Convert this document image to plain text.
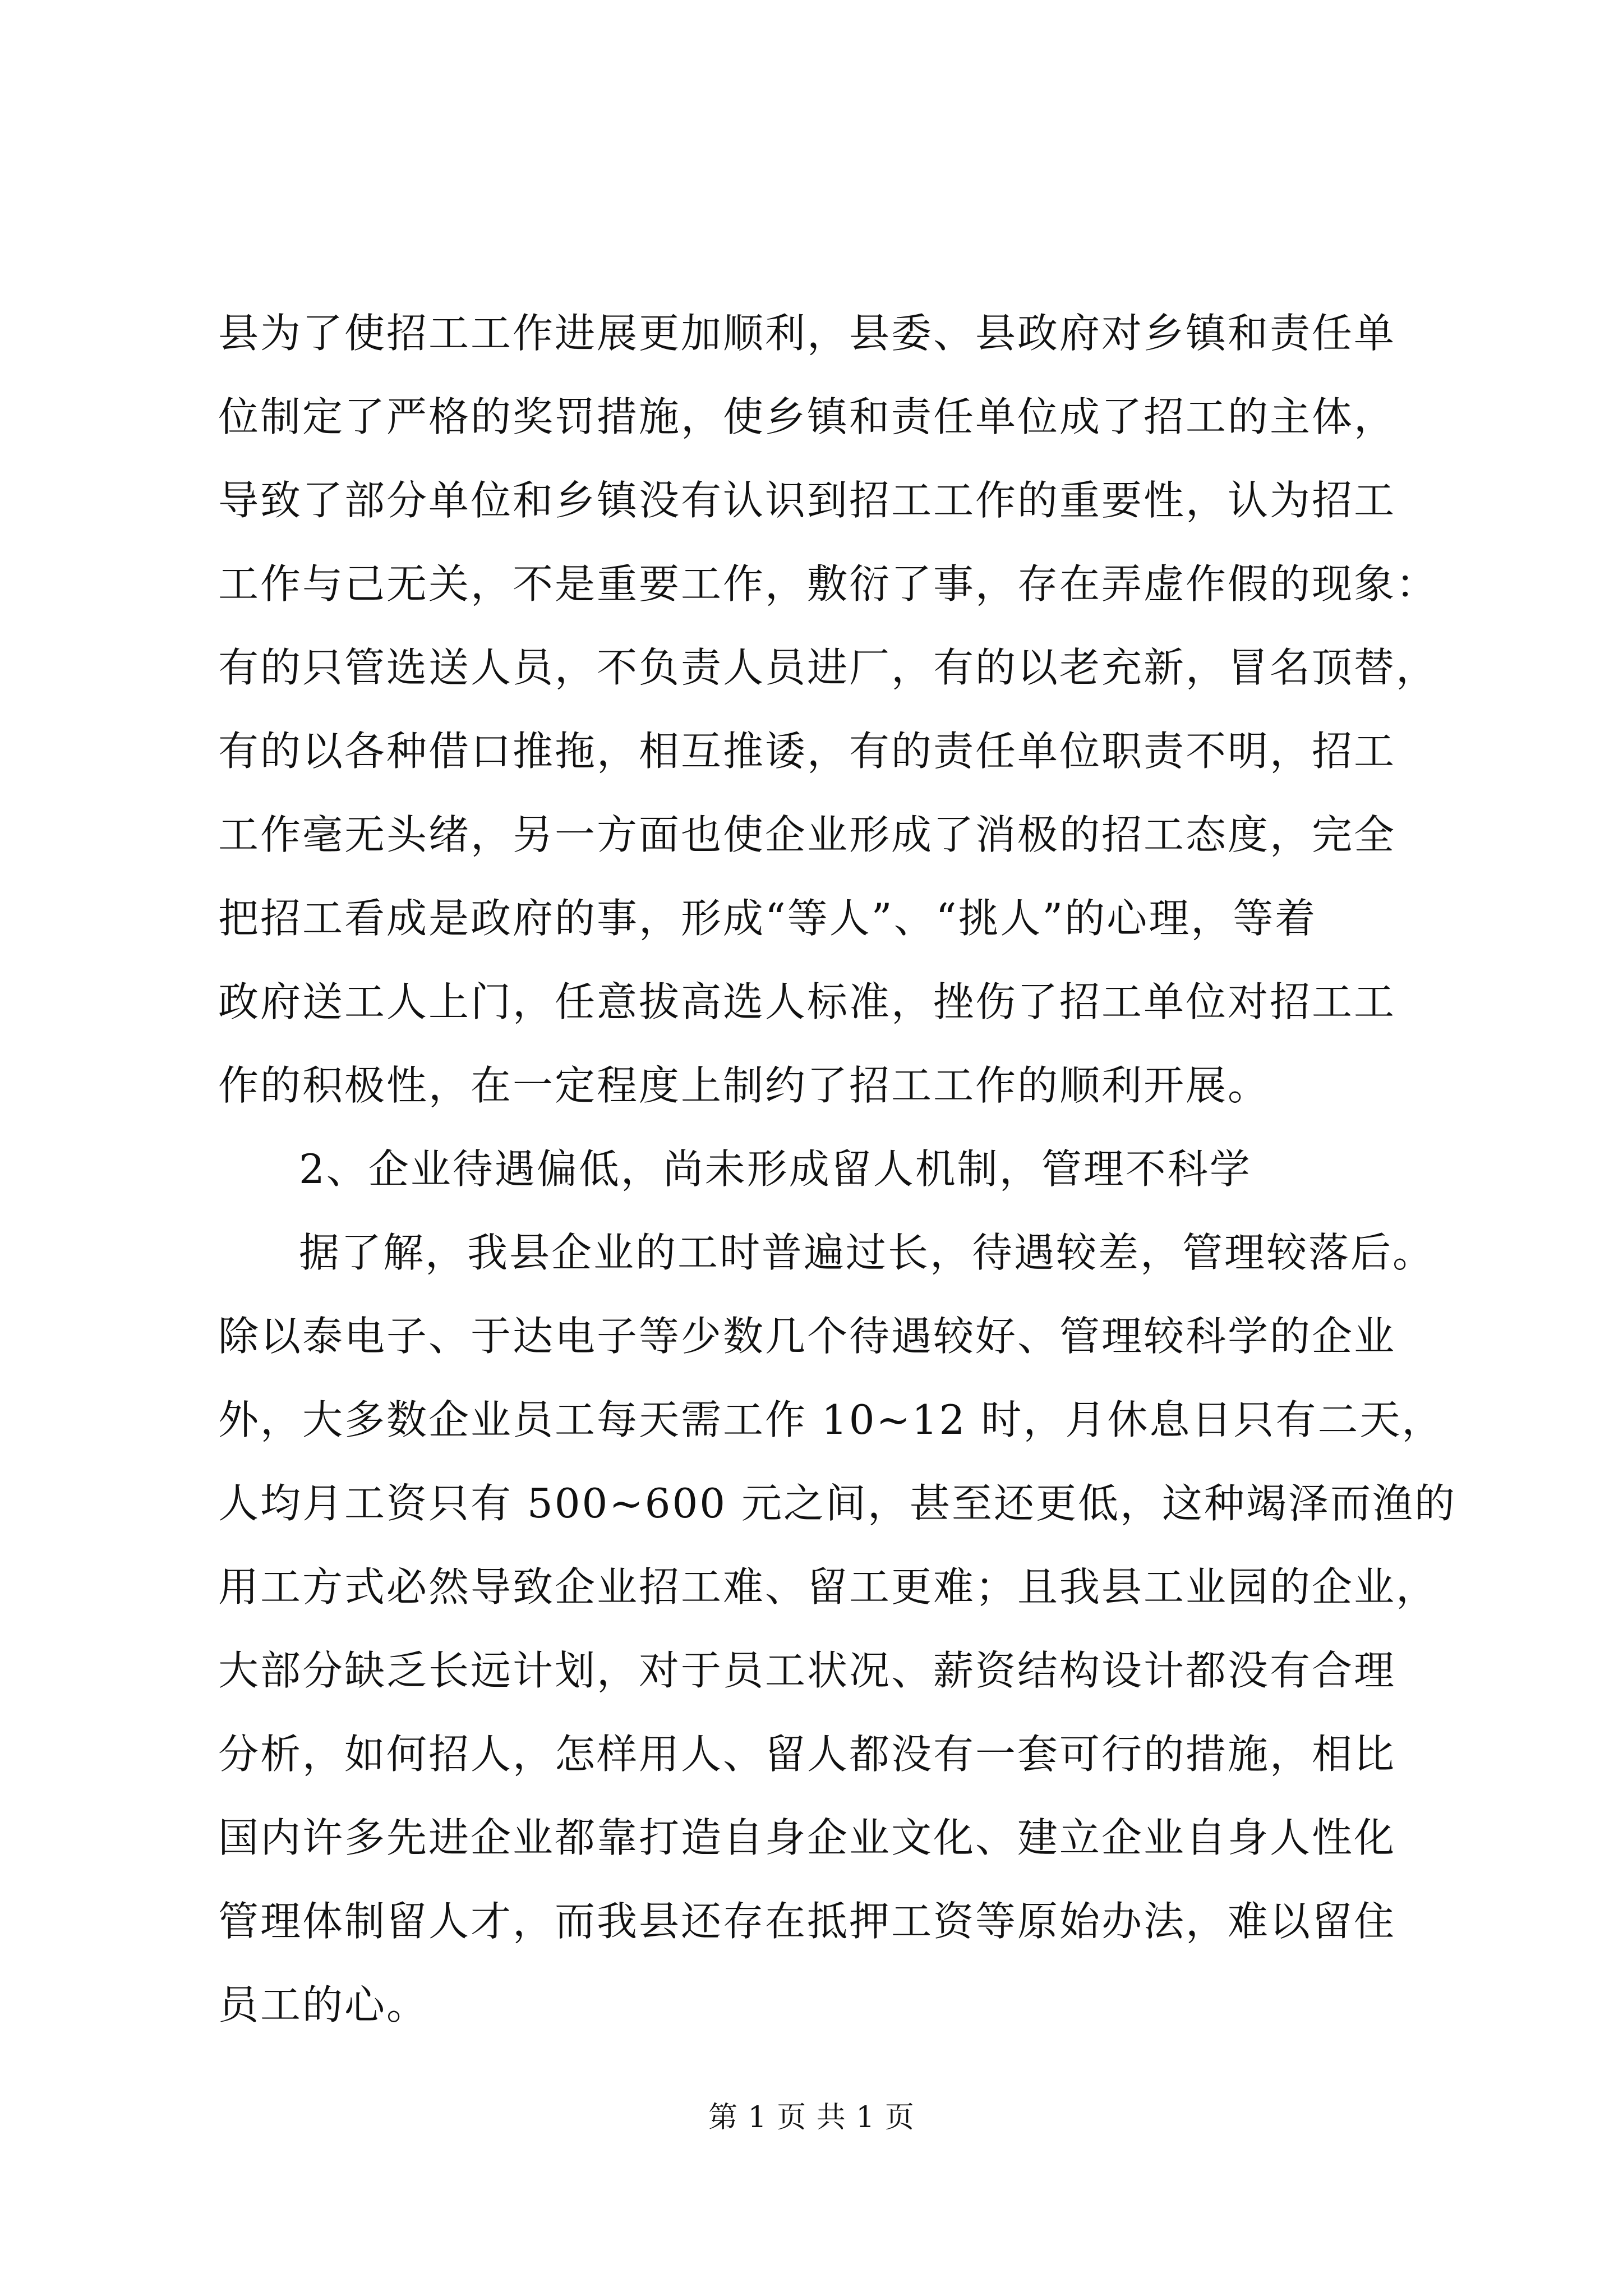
县为了使招工工作进展更加顺利，县委、县政府对乡镇和责任单
位制定了严格的奖罚措施，使乡镇和责任单位成了招工的主体，
导致了部分单位和乡镇没有认识到招工工作的重要性，认为招工
工作与己无关，不是重要工作，敷衍了事，存在弄虚作假的现象：
有的只管选送人员，不负责人员进厂，有的以老充新，冒名顶替，
有的以各种借口推拖，相互推诿，有的责任单位职责不明，招工
工作毫无头绪，另一方面也使企业形成了消极的招工态度，完全
把招工看成是政府的事，形成“等人”、“挑人”的心理，等着
政府送工人上门，任意拔高选人标准，挫伤了招工单位对招工工
作的积极性，在一定程度上制约了招工工作的顺利开展。

2、企业待遇偏低，尚未形成留人机制，管理不科学

据了解，我县企业的工时普遍过长，待遇较差，管理较落后。
除以泰电子、于达电子等少数几个待遇较好、管理较科学的企业
外，大多数企业员工每天需工作 10~12 时，月休息日只有二天，
人均月工资只有 500~600 元之间，甚至还更低，这种竭泽而渔的
用工方式必然导致企业招工难、留工更难；且我县工业园的企业，
大部分缺乏长远计划，对于员工状况、薪资结构设计都没有合理
分析，如何招人，怎样用人、留人都没有一套可行的措施，相比
国内许多先进企业都靠打造自身企业文化、建立企业自身人性化
管理体制留人才，而我县还存在抵押工资等原始办法，难以留住
员工的心。

第 1 页 共 1 页
